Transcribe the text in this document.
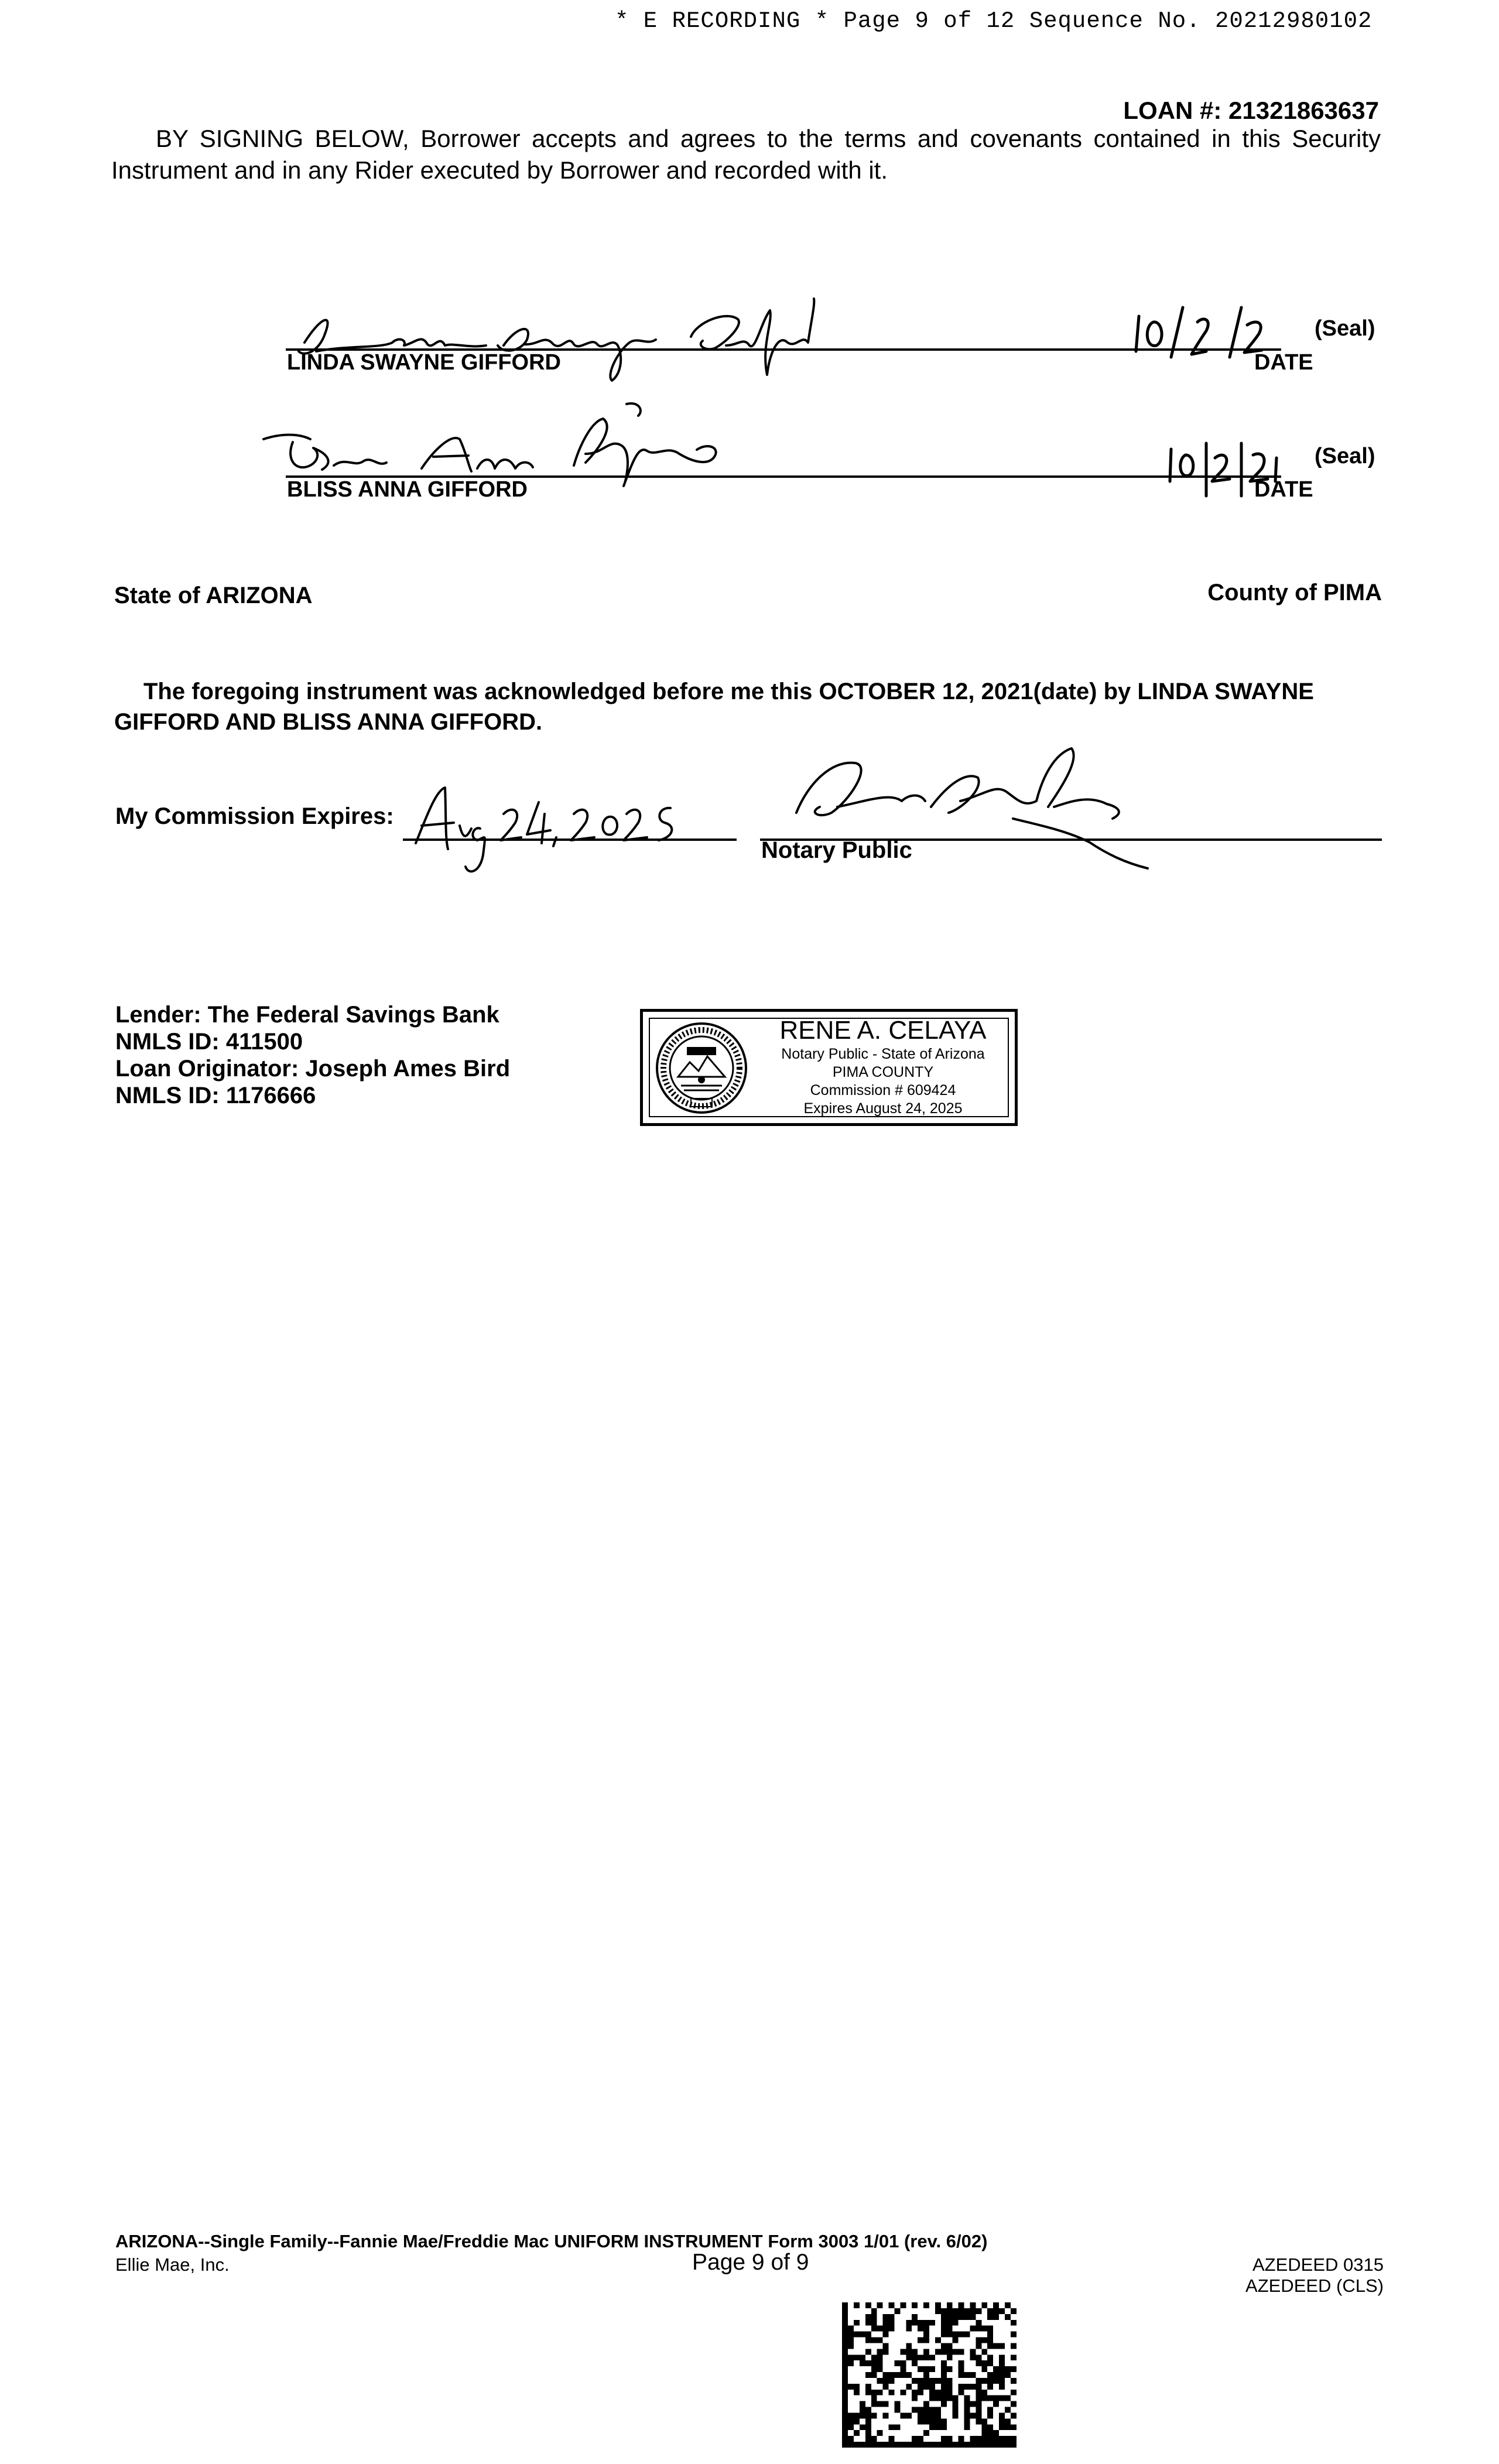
* E RECORDING * Page 9 of 12 Sequence No. 20212980102
LOAN #: 21321863637
BY SIGNING BELOW, Borrower accepts and agrees to the terms and covenants contained in this Security Instrument and in any Rider executed by Borrower and recorded with it.
LINDA SWAYNE GIFFORD
(Seal)
DATE
BLISS ANNA GIFFORD
(Seal)
DATE
State of ARIZONA	County of PIMA
The foregoing instrument was acknowledged before me this OCTOBER 12, 2021(date) by LINDA SWAYNE GIFFORD AND BLISS ANNA GIFFORD.
My Commission Expires:
Notary Public
Lender: The Federal Savings Bank
NMLS ID: 411500
Loan Originator: Joseph Ames Bird
NMLS ID: 1176666
RENE A. CELAYA
Notary Public - State of Arizona
PIMA COUNTY
Commission # 609424
Expires August 24, 2025
ARIZONA--Single Family--Fannie Mae/Freddie Mac UNIFORM INSTRUMENT Form 3003 1/01 (rev. 6/02)
Ellie Mae, Inc.	Page 9 of 9	AZEDEED 0315
AZEDEED (CLS)
